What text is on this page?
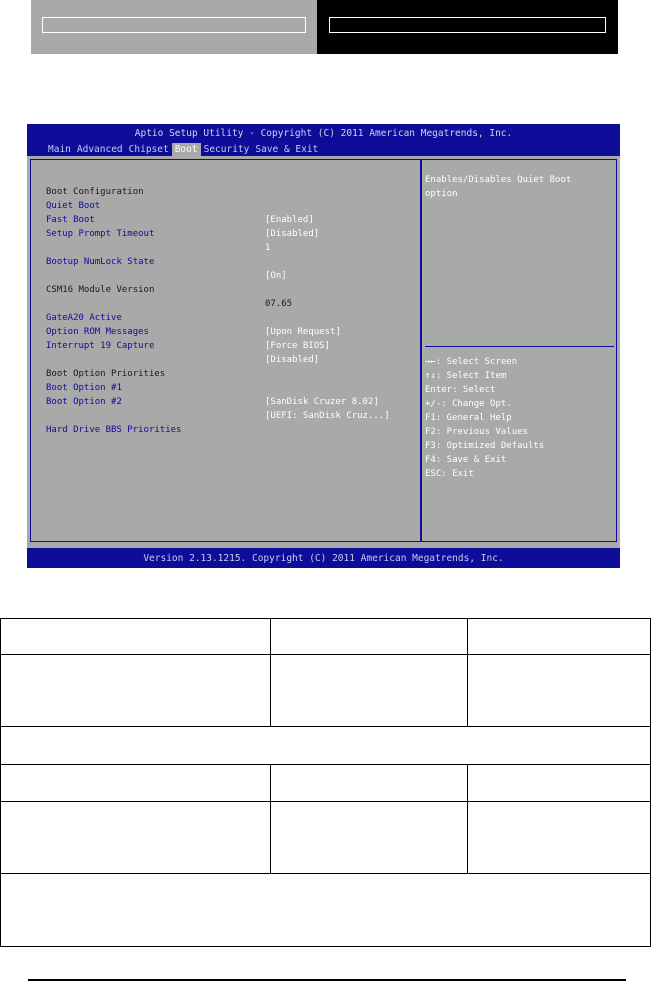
Aptio Setup Utility - Copyright (C) 2011 American Megatrends, Inc.
Main Advanced Chipset Boot Security Save & Exit

Boot Configuration

Quiet Boot

[Enabled]

Fast Boot

[Disabled]

Setup Prompt Timeout

1

Bootup NumLock State

[On]

CSM16 Module Version

07.65

GateA20 Active

[Upon Request]

Option ROM Messages

[Force BIOS]

Interrupt 19 Capture

[Disabled]

Boot Option Priorities

Boot Option #1

[SanDisk Cruzer 8.02]

Boot Option #2

[UEFI: SanDisk Cruz...]

Hard Drive BBS Priorities

Enables/Disables Quiet Boot
option
→←: Select Screen
↑↓: Select Item
Enter: Select
+/-: Change Opt.
F1: General Help
F2: Previous Values
F3: Optimized Defaults
F4: Save & Exit
ESC: Exit
Version 2.13.1215. Copyright (C) 2011 American Megatrends, Inc.
